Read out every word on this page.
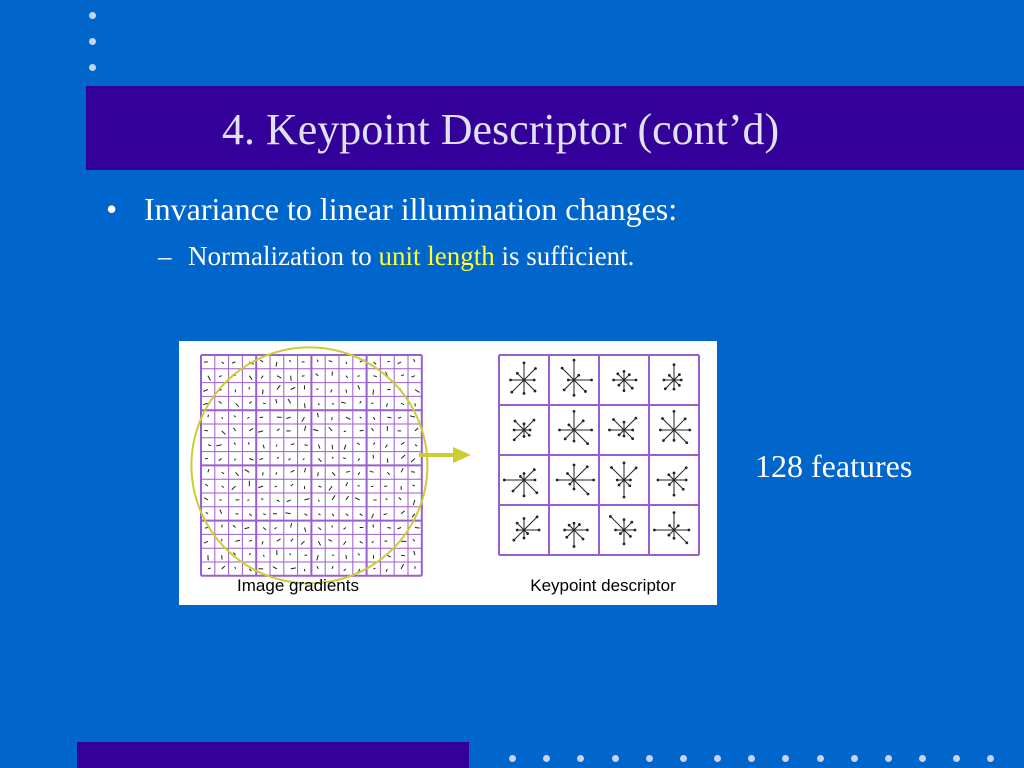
4. Keypoint Descriptor (cont’d)
• Invariance to linear illumination changes:
– Normalization to unit length is sufficient.
Image gradients	Keypoint descriptor
128 features
